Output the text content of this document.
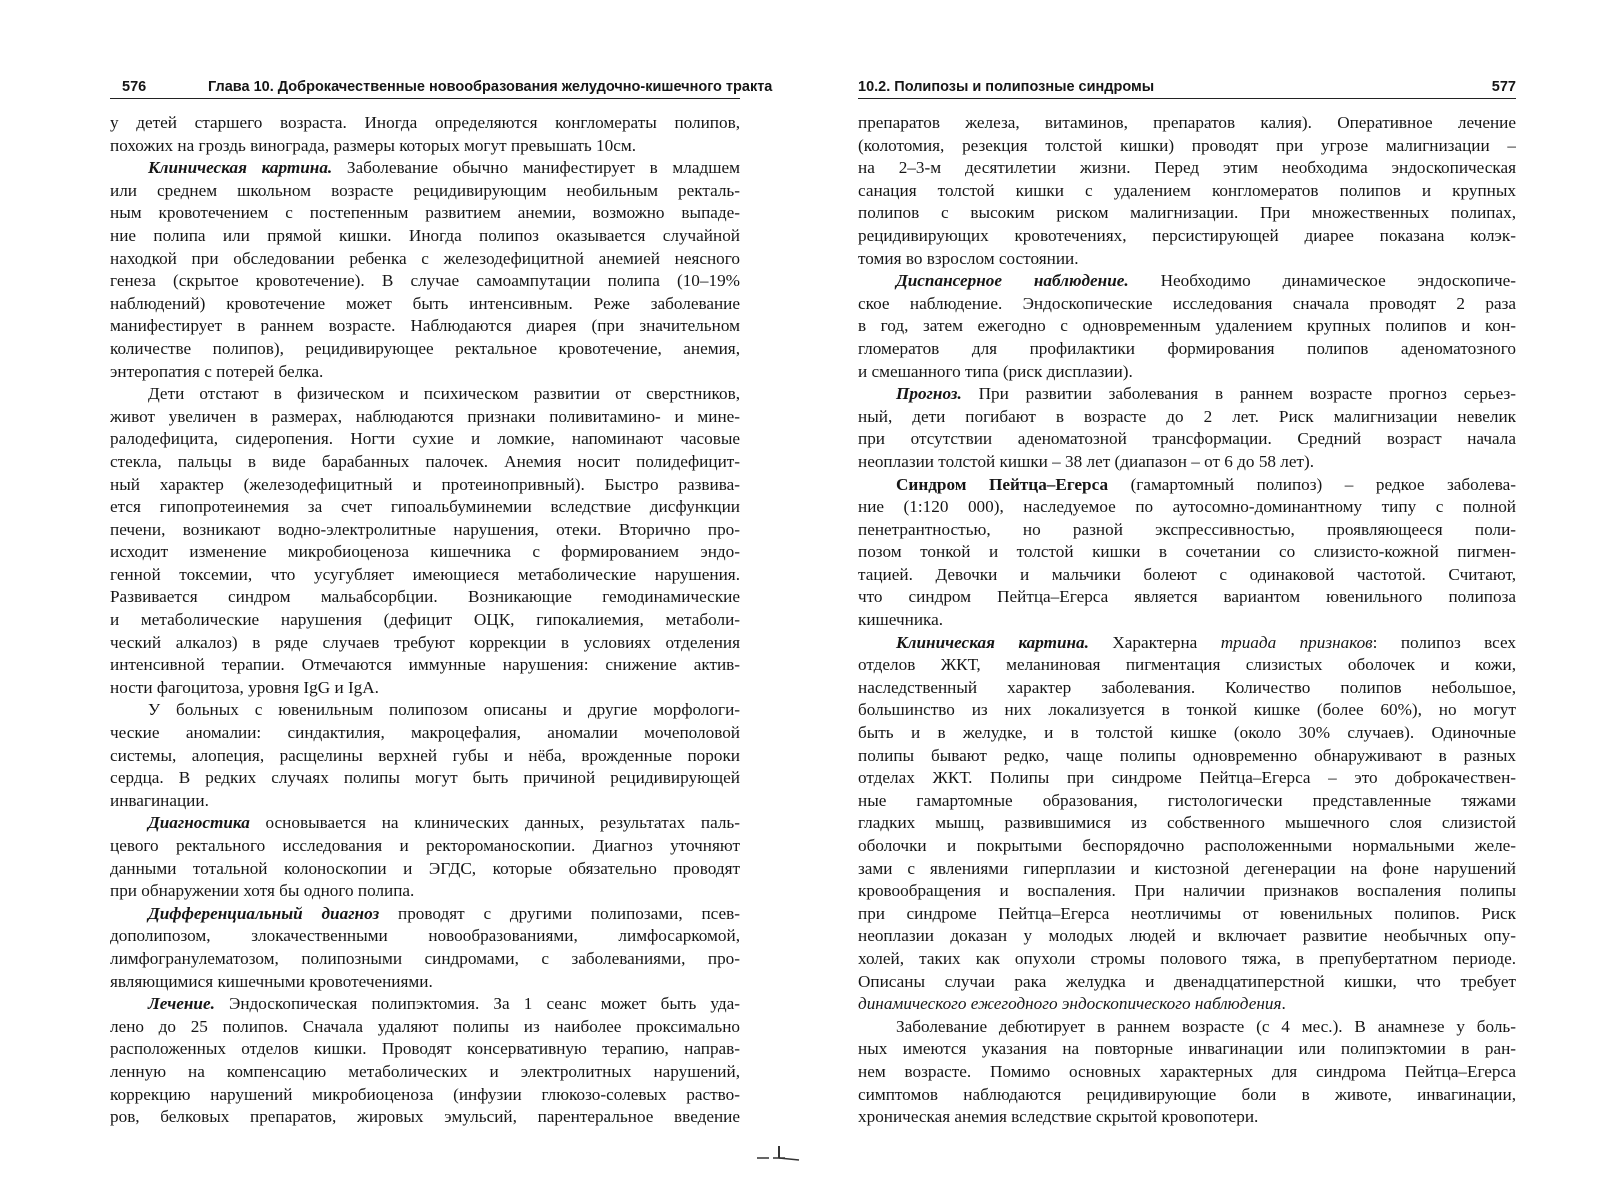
576	Глава 10. Доброкачественные новообразования желудочно-кишечного тракта
у детей старшего возраста. Иногда определяются конгломераты полипов,
похожих на гроздь винограда, размеры которых могут превышать 10см.
Клиническая картина. Заболевание обычно манифестирует в младшем
или среднем школьном возрасте рецидивирующим необильным ректаль-
ным кровотечением с постепенным развитием анемии, возможно выпаде-
ние полипа или прямой кишки. Иногда полипоз оказывается случайной
находкой при обследовании ребенка с железодефицитной анемией неясного
генеза (скрытое кровотечение). В случае самоампутации полипа (10–19%
наблюдений) кровотечение может быть интенсивным. Реже заболевание
манифестирует в раннем возрасте. Наблюдаются диарея (при значительном
количестве полипов), рецидивирующее ректальное кровотечение, анемия,
энтеропатия с потерей белка.
Дети отстают в физическом и психическом развитии от сверстников,
живот увеличен в размерах, наблюдаются признаки поливитамино- и мине-
ралодефицита, сидеропения. Ногти сухие и ломкие, напоминают часовые
стекла, пальцы в виде барабанных палочек. Анемия носит полидефицит-
ный характер (железодефицитный и протеинопривный). Быстро развива-
ется гипопротеинемия за счет гипоальбуминемии вследствие дисфункции
печени, возникают водно-электролитные нарушения, отеки. Вторично про-
исходит изменение микробиоценоза кишечника с формированием эндо-
генной токсемии, что усугубляет имеющиеся метаболические нарушения.
Развивается синдром мальабсорбции. Возникающие гемодинамические
и метаболические нарушения (дефицит ОЦК, гипокалиемия, метаболи-
ческий алкалоз) в ряде случаев требуют коррекции в условиях отделения
интенсивной терапии. Отмечаются иммунные нарушения: снижение актив-
ности фагоцитоза, уровня IgG и IgA.
У больных с ювенильным полипозом описаны и другие морфологи-
ческие аномалии: синдактилия, макроцефалия, аномалии мочеполовой
системы, алопеция, расщелины верхней губы и нёба, врожденные пороки
сердца. В редких случаях полипы могут быть причиной рецидивирующей
инвагинации.
Диагностика основывается на клинических данных, результатах паль-
цевого ректального исследования и ректороманоскопии. Диагноз уточняют
данными тотальной колоноскопии и ЭГДС, которые обязательно проводят
при обнаружении хотя бы одного полипа.
Дифференциальный диагноз проводят с другими полипозами, псев-
дополипозом, злокачественными новообразованиями, лимфосаркомой,
лимфогранулематозом, полипозными синдромами, с заболеваниями, про-
являющимися кишечными кровотечениями.
Лечение. Эндоскопическая полипэктомия. За 1 сеанс может быть уда-
лено до 25 полипов. Сначала удаляют полипы из наиболее проксимально
расположенных отделов кишки. Проводят консервативную терапию, направ-
ленную на компенсацию метаболических и электролитных нарушений,
коррекцию нарушений микробиоценоза (инфузии глюкозо-солевых раство-
ров, белковых препаратов, жировых эмульсий, парентеральное введение
10.2. Полипозы и полипозные синдромы	577
препаратов железа, витаминов, препаратов калия). Оперативное лечение
(колотомия, резекция толстой кишки) проводят при угрозе малигнизации –
на 2–3-м десятилетии жизни. Перед этим необходима эндоскопическая
санация толстой кишки с удалением конгломератов полипов и крупных
полипов с высоким риском малигнизации. При множественных полипах,
рецидивирующих кровотечениях, персистирующей диарее показана колэк-
томия во взрослом состоянии.
Диспансерное наблюдение. Необходимо динамическое эндоскопиче-
ское наблюдение. Эндоскопические исследования сначала проводят 2 раза
в год, затем ежегодно с одновременным удалением крупных полипов и кон-
гломератов для профилактики формирования полипов аденоматозного
и смешанного типа (риск дисплазии).
Прогноз. При развитии заболевания в раннем возрасте прогноз серьез-
ный, дети погибают в возрасте до 2 лет. Риск малигнизации невелик
при отсутствии аденоматозной трансформации. Средний возраст начала
неоплазии толстой кишки – 38 лет (диапазон – от 6 до 58 лет).
Синдром Пейтца–Егерса (гамартомный полипоз) – редкое заболева-
ние (1:120 000), наследуемое по аутосомно-доминантному типу с полной
пенетрантностью, но разной экспрессивностью, проявляющееся поли-
позом тонкой и толстой кишки в сочетании со слизисто-кожной пигмен-
тацией. Девочки и мальчики болеют с одинаковой частотой. Считают,
что синдром Пейтца–Егерса является вариантом ювенильного полипоза
кишечника.
Клиническая картина. Характерна триада признаков: полипоз всех
отделов ЖКТ, меланиновая пигментация слизистых оболочек и кожи,
наследственный характер заболевания. Количество полипов небольшое,
большинство из них локализуется в тонкой кишке (более 60%), но могут
быть и в желудке, и в толстой кишке (около 30% случаев). Одиночные
полипы бывают редко, чаще полипы одновременно обнаруживают в разных
отделах ЖКТ. Полипы при синдроме Пейтца–Егерса – это доброкачествен-
ные гамартомные образования, гистологически представленные тяжами
гладких мышц, развившимися из собственного мышечного слоя слизистой
оболочки и покрытыми беспорядочно расположенными нормальными желе-
зами с явлениями гиперплазии и кистозной дегенерации на фоне нарушений
кровообращения и воспаления. При наличии признаков воспаления полипы
при синдроме Пейтца–Егерса неотличимы от ювенильных полипов. Риск
неоплазии доказан у молодых людей и включает развитие необычных опу-
холей, таких как опухоли стромы полового тяжа, в препубертатном периоде.
Описаны случаи рака желудка и двенадцатиперстной кишки, что требует
динамического ежегодного эндоскопического наблюдения.
Заболевание дебютирует в раннем возрасте (с 4 мес.). В анамнезе у боль-
ных имеются указания на повторные инвагинации или полипэктомии в ран-
нем возрасте. Помимо основных характерных для синдрома Пейтца–Егерса
симптомов наблюдаются рецидивирующие боли в животе, инвагинации,
хроническая анемия вследствие скрытой кровопотери.
